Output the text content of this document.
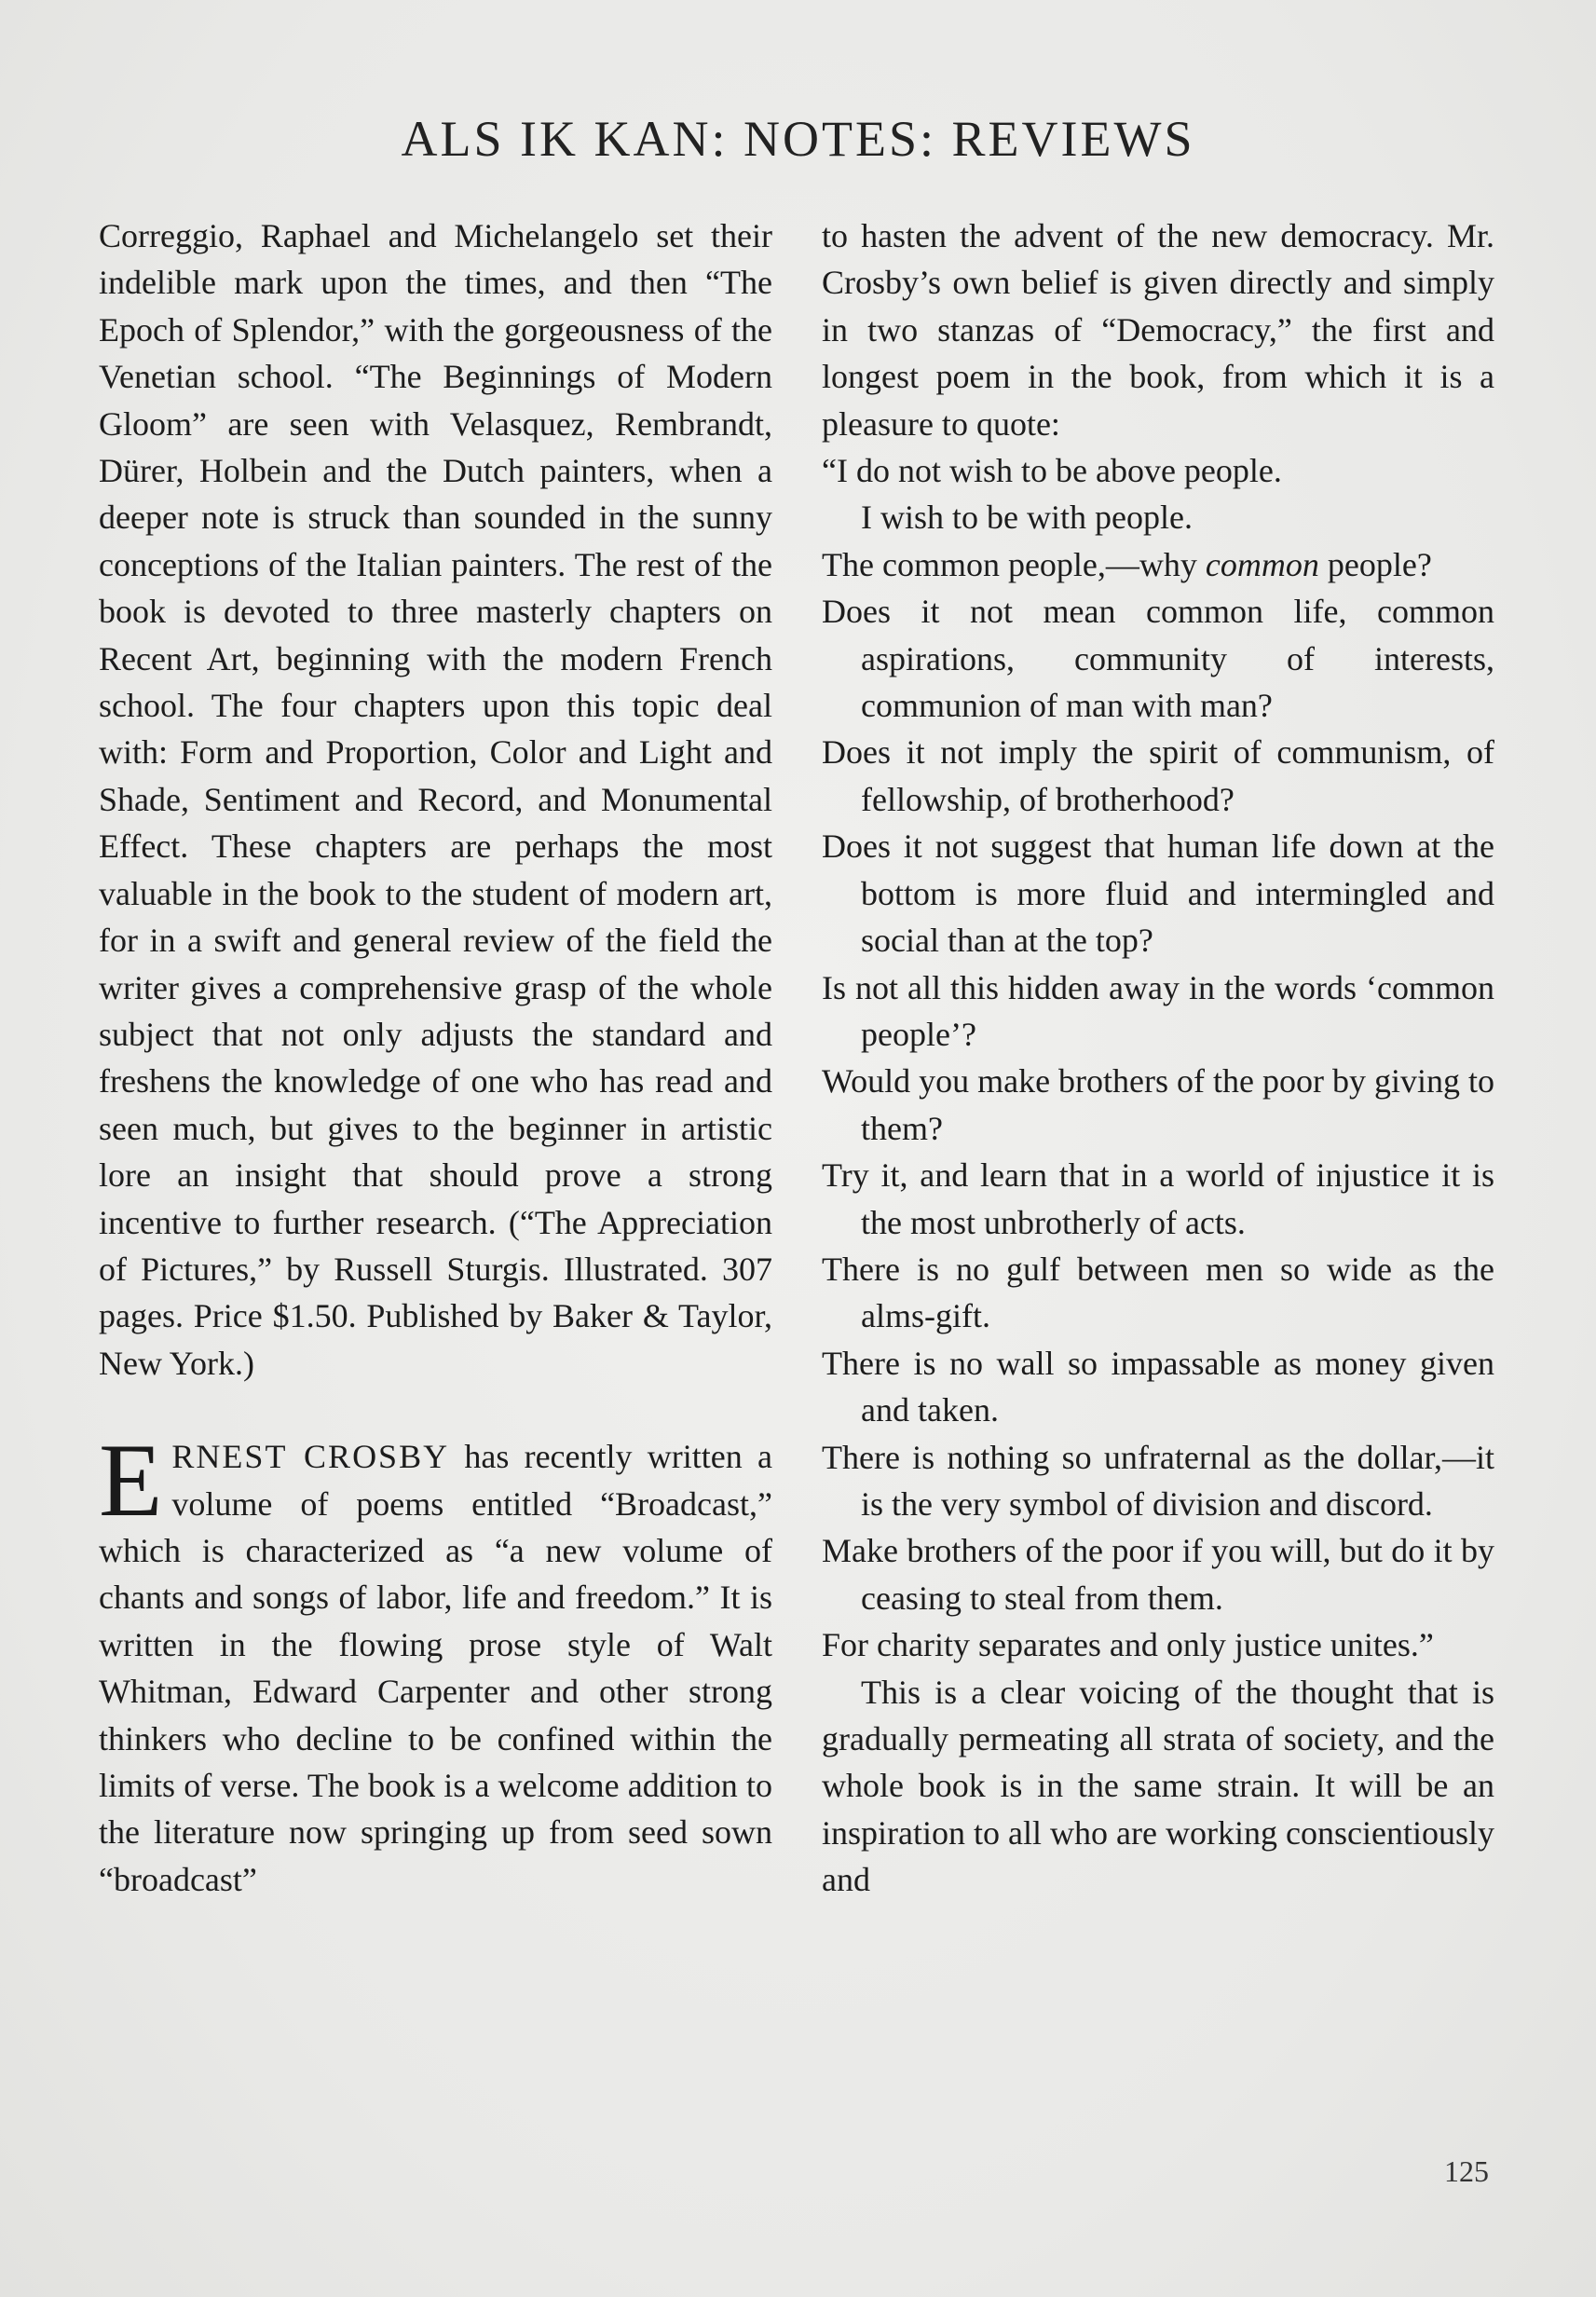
ALS IK KAN: NOTES: REVIEWS

Correggio, Raphael and Michelangelo set their indelible mark upon the times, and then “The Epoch of Splendor,” with the gorgeousness of the Venetian school. “The Beginnings of Modern Gloom” are seen with Velasquez, Rembrandt, Dürer, Holbein and the Dutch painters, when a deeper note is struck than sounded in the sunny conceptions of the Italian painters. The rest of the book is devoted to three masterly chapters on Recent Art, beginning with the modern French school. The four chapters upon this topic deal with: Form and Proportion, Color and Light and Shade, Sentiment and Record, and Monumental Effect. These chapters are perhaps the most valuable in the book to the student of modern art, for in a swift and general review of the field the writer gives a comprehensive grasp of the whole subject that not only adjusts the standard and freshens the knowledge of one who has read and seen much, but gives to the beginner in artistic lore an insight that should prove a strong incentive to further research. (“The Appreciation of Pictures,” by Russell Sturgis. Illustrated. 307 pages. Price $1.50. Published by Baker & Taylor, New York.)

ERNEST CROSBY has recently written a volume of poems entitled “Broadcast,” which is characterized as “a new volume of chants and songs of labor, life and freedom.” It is written in the flowing prose style of Walt Whitman, Edward Carpenter and other strong thinkers who decline to be confined within the limits of verse. The book is a welcome addition to the literature now springing up from seed sown “broadcast”

to hasten the advent of the new democracy. Mr. Crosby’s own belief is given directly and simply in two stanzas of “Democracy,” the first and longest poem in the book, from which it is a pleasure to quote:

“I do not wish to be above people.

I wish to be with people.

The common people,—why common people?

Does it not mean common life, common aspirations, community of interests, communion of man with man?

Does it not imply the spirit of communism, of fellowship, of brotherhood?

Does it not suggest that human life down at the bottom is more fluid and intermingled and social than at the top?

Is not all this hidden away in the words ‘common people’?

Would you make brothers of the poor by giving to them?

Try it, and learn that in a world of injustice it is the most unbrotherly of acts.

There is no gulf between men so wide as the alms-gift.

There is no wall so impassable as money given and taken.

There is nothing so unfraternal as the dollar,—it is the very symbol of division and discord.

Make brothers of the poor if you will, but do it by ceasing to steal from them.

For charity separates and only justice unites.”

This is a clear voicing of the thought that is gradually permeating all strata of society, and the whole book is in the same strain. It will be an inspiration to all who are working conscientiously and

125
